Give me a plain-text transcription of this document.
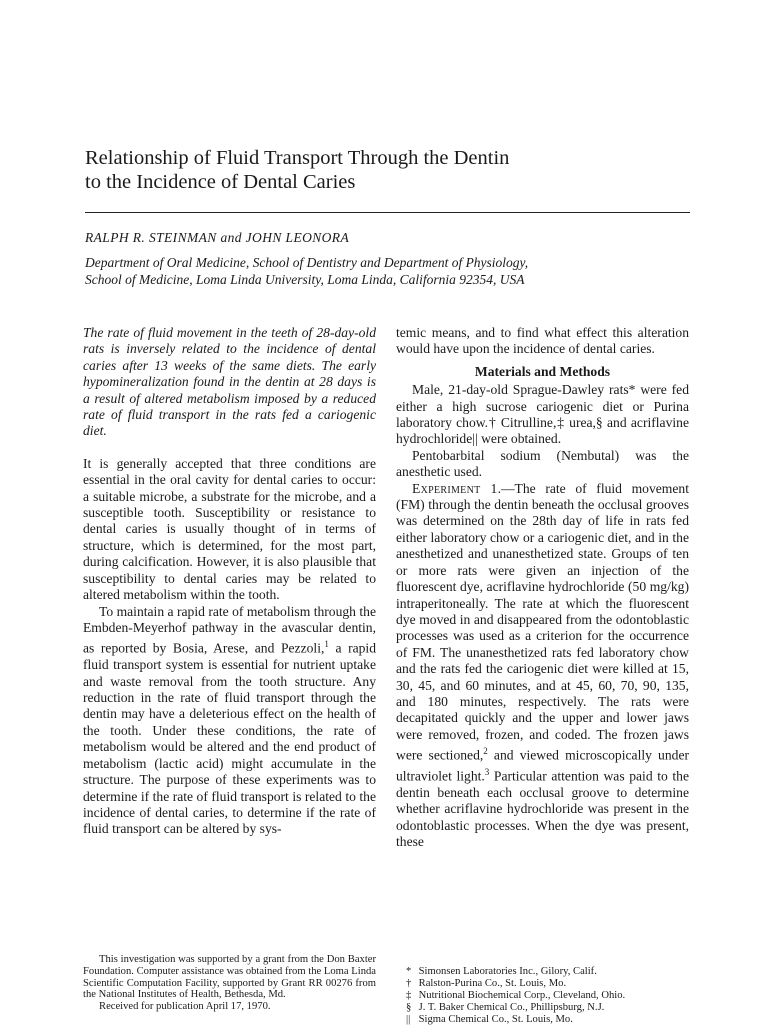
Relationship of Fluid Transport Through the Dentin
to the Incidence of Dental Caries

RALPH R. STEINMAN and JOHN LEONORA

Department of Oral Medicine, School of Dentistry and Department of Physiology,
School of Medicine, Loma Linda University, Loma Linda, California 92354, USA

The rate of fluid movement in the teeth of 28-day-old rats is inversely related to the incidence of dental caries after 13 weeks of the same diets. The early hypomineralization found in the dentin at 28 days is a result of altered metabolism imposed by a reduced rate of fluid transport in the rats fed a cariogenic diet.

It is generally accepted that three conditions are essential in the oral cavity for dental caries to occur: a suitable microbe, a substrate for the microbe, and a susceptible tooth. Susceptibility or resistance to dental caries is usually thought of in terms of structure, which is determined, for the most part, during calcification. However, it is also plausible that susceptibility to dental caries may be related to altered metabolism within the tooth.

To maintain a rapid rate of metabolism through the Embden-Meyerhof pathway in the avascular dentin, as reported by Bosia, Arese, and Pezzoli,$^1$ a rapid fluid transport system is essential for nutrient uptake and waste removal from the tooth structure. Any reduction in the rate of fluid transport through the dentin may have a deleterious effect on the health of the tooth. Under these conditions, the rate of metabolism would be altered and the end product of metabolism (lactic acid) might accumulate in the structure. The purpose of these experiments was to determine if the rate of fluid transport is related to the incidence of dental caries, to determine if the rate of fluid transport can be altered by sys-

temic means, and to find what effect this alteration would have upon the incidence of dental caries.

Materials and Methods

Male, 21-day-old Sprague-Dawley rats* were fed either a high sucrose cariogenic diet or Purina laboratory chow.† Citrulline,‡ urea,§ and acriflavine hydrochloride|| were obtained.

Pentobarbital sodium (Nembutal) was the anesthetic used.

Experiment 1.—The rate of fluid movement (FM) through the dentin beneath the occlusal grooves was determined on the 28th day of life in rats fed either laboratory chow or a cariogenic diet, and in the anesthetized and unanesthetized state. Groups of ten or more rats were given an injection of the fluorescent dye, acriflavine hydrochloride (50 mg/kg) intraperitoneally. The rate at which the fluorescent dye moved in and disappeared from the odontoblastic processes was used as a criterion for the occurrence of FM. The unanesthetized rats fed laboratory chow and the rats fed the cariogenic diet were killed at 15, 30, 45, and 60 minutes, and at 45, 60, 70, 90, 135, and 180 minutes, respectively. The rats were decapitated quickly and the upper and lower jaws were removed, frozen, and coded. The frozen jaws were sectioned,$^2$ and viewed microscopically under ultraviolet light.$^3$ Particular attention was paid to the dentin beneath each occlusal groove to determine whether acriflavine hydrochloride was present in the odontoblastic processes. When the dye was present, these

This investigation was supported by a grant from the Don Baxter Foundation. Computer assistance was obtained from the Loma Linda Scientific Computation Facility, supported by Grant RR 00276 from the National Institutes of Health, Bethesda, Md.

Received for publication April 17, 1970.

* Simonsen Laboratories Inc., Gilory, Calif.
† Ralston-Purina Co., St. Louis, Mo.
‡ Nutritional Biochemical Corp., Cleveland, Ohio.
§ J. T. Baker Chemical Co., Phillipsburg, N.J.
|| Sigma Chemical Co., St. Louis, Mo.
